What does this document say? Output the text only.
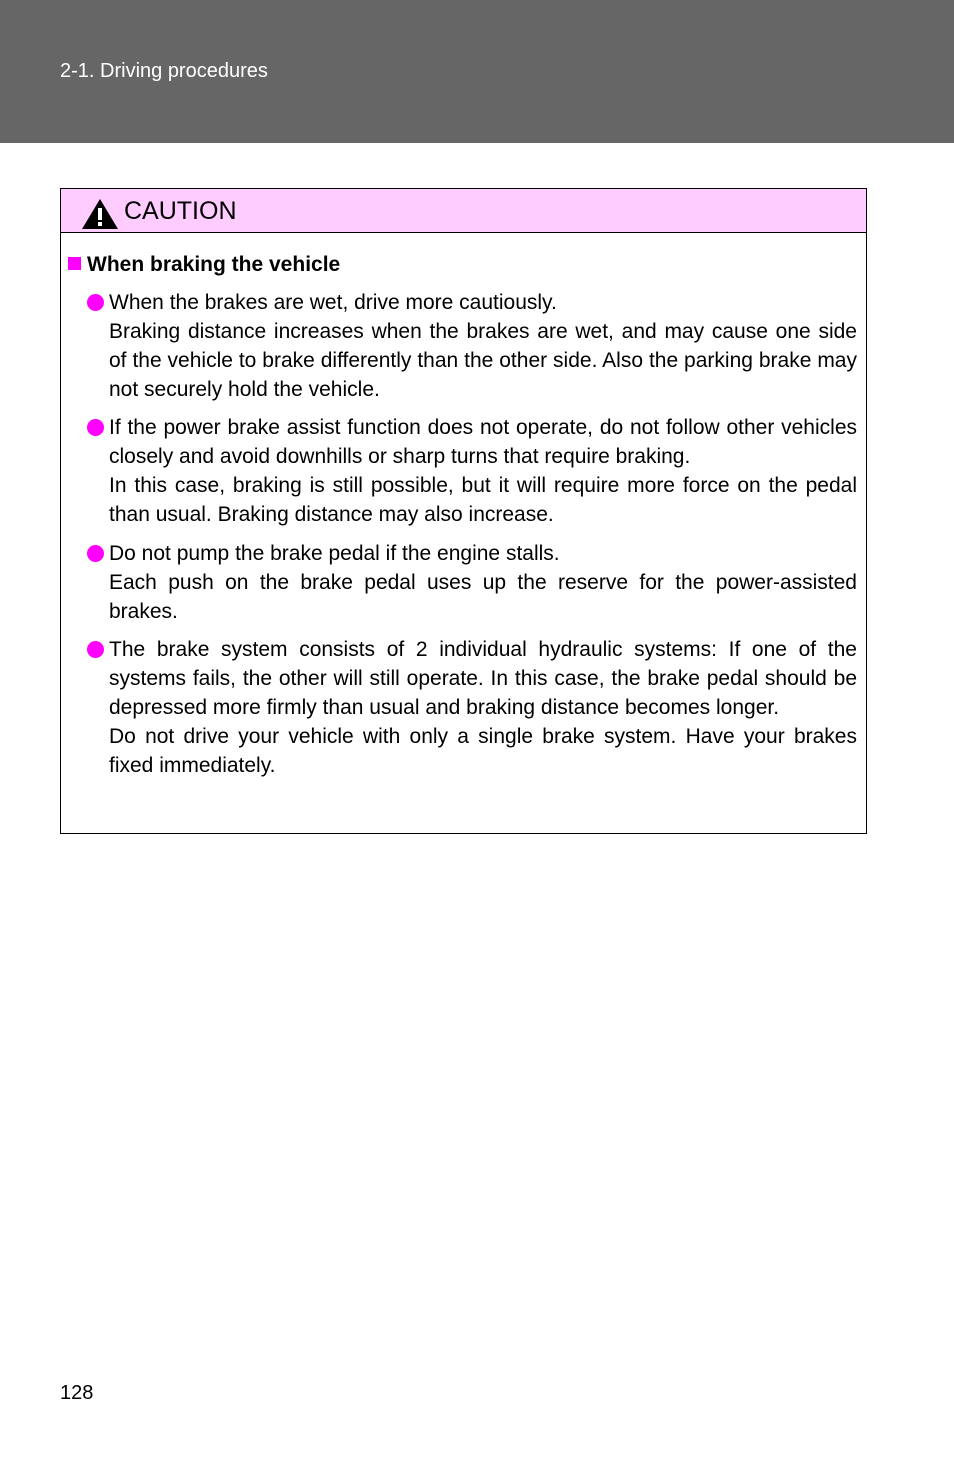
2-1. Driving procedures
CAUTION
When braking the vehicle

When the brakes are wet, drive more cautiously.

Braking distance increases when the brakes are wet, and may cause one side of the vehicle to brake differently than the other side. Also the parking brake may not securely hold the vehicle.

If the power brake assist function does not operate, do not follow other vehicles closely and avoid downhills or sharp turns that require braking.

In this case, braking is still possible, but it will require more force on the pedal than usual. Braking distance may also increase.

Do not pump the brake pedal if the engine stalls.

Each push on the brake pedal uses up the reserve for the power-assisted brakes.

The brake system consists of 2 individual hydraulic systems: If one of the systems fails, the other will still operate. In this case, the brake pedal should be depressed more firmly than usual and braking distance becomes longer.

Do not drive your vehicle with only a single brake system. Have your brakes fixed immediately.

128
